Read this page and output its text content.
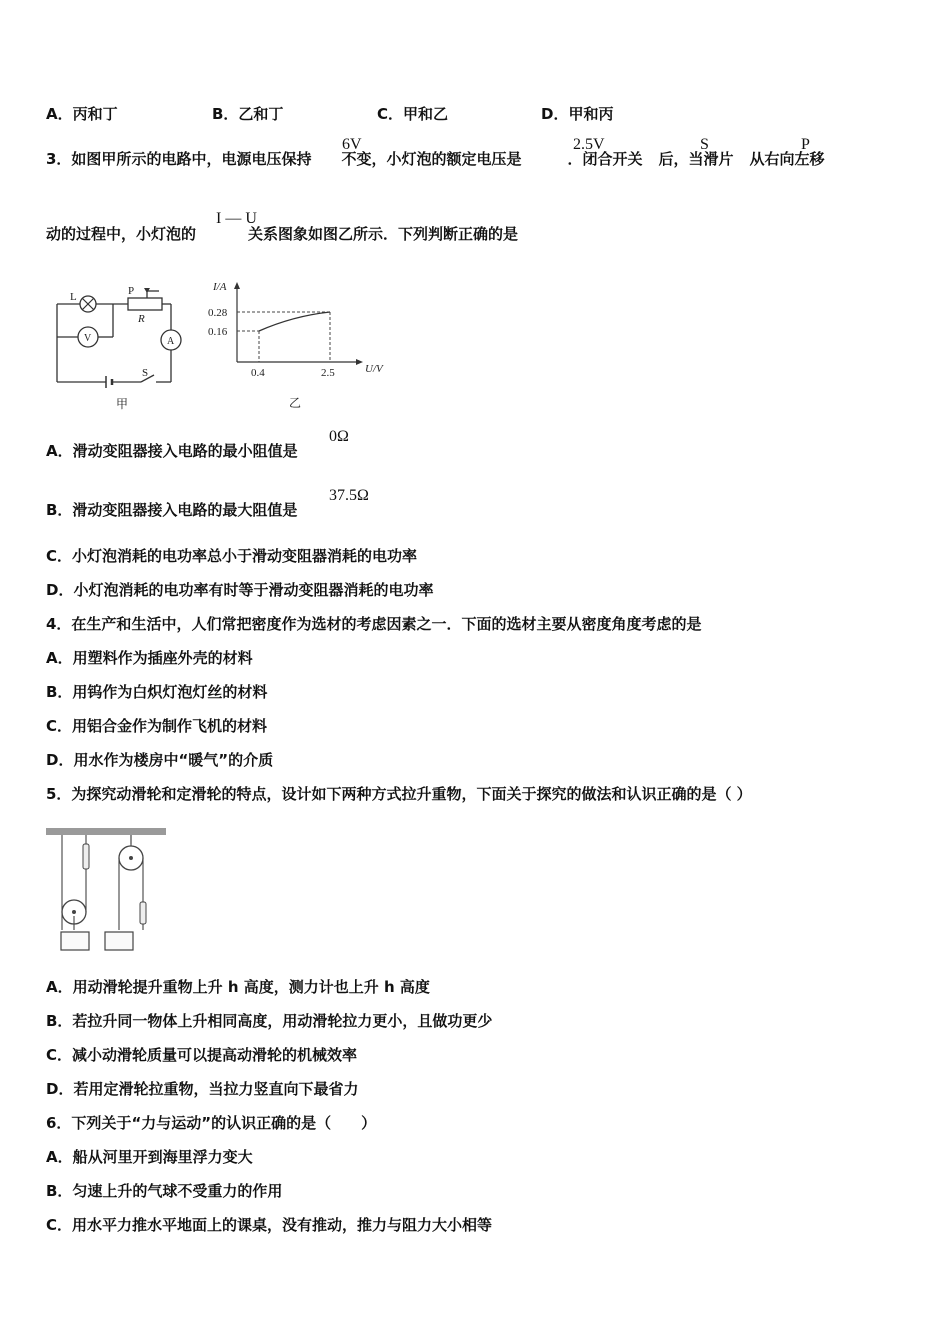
A．丙和丁	B．乙和丁	C．甲和乙	D．甲和丙
3．如图甲所示的电路中，电源电压保持 不变，小灯泡的额定电压是	．闭合开关 后，当滑片 从右向左移
6V	2.5V	S	P
动的过程中，小灯泡的	关系图象如图乙所示．下列判断正确的是
I — U
L	P
R
V	A
S
甲
I/A
U/V
0.28
0.16
0.4	2.5
乙
A．滑动变阻器接入电路的最小阻值是
0Ω
B．滑动变阻器接入电路的最大阻值是
37.5Ω
C．小灯泡消耗的电功率总小于滑动变阻器消耗的电功率
D．小灯泡消耗的电功率有时等于滑动变阻器消耗的电功率
4．在生产和生活中，人们常把密度作为选材的考虑因素之一．下面的选材主要从密度角度考虑的是
A．用塑料作为插座外壳的材料
B．用钨作为白炽灯泡灯丝的材料
C．用铝合金作为制作飞机的材料
D．用水作为楼房中“暖气”的介质
5．为探究动滑轮和定滑轮的特点，设计如下两种方式拉升重物，下面关于探究的做法和认识正确的是（ ）
A．用动滑轮提升重物上升 h 高度，测力计也上升 h 高度
B．若拉升同一物体上升相同高度，用动滑轮拉力更小，且做功更少
C．减小动滑轮质量可以提高动滑轮的机械效率
D．若用定滑轮拉重物，当拉力竖直向下最省力
6．下列关于“力与运动”的认识正确的是（　　）
A．船从河里开到海里浮力变大
B．匀速上升的气球不受重力的作用
C．用水平力推水平地面上的课桌，没有推动，推力与阻力大小相等
